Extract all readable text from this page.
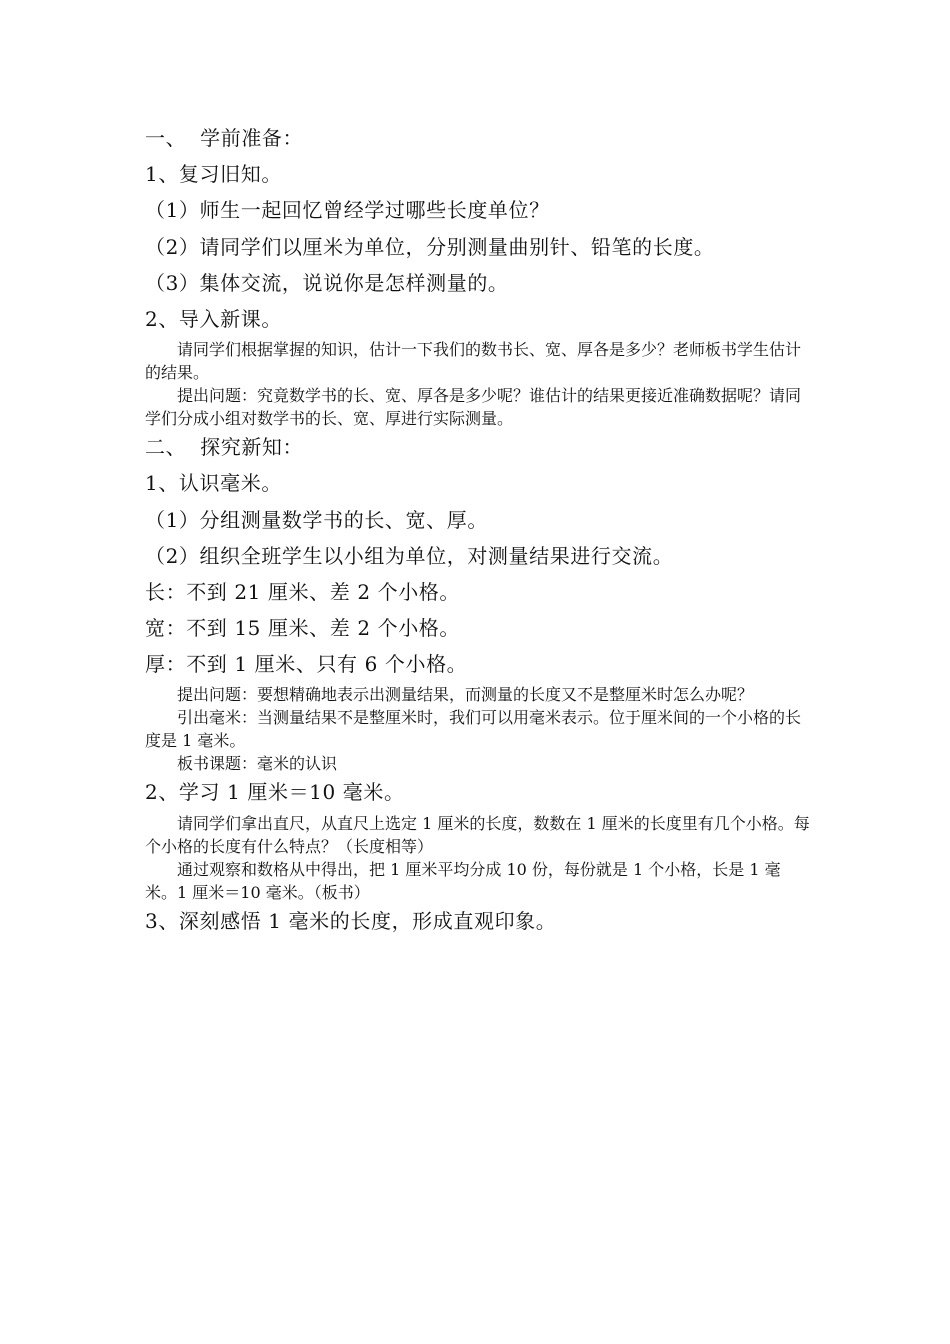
一、  学前准备：
1、复习旧知。
（1）师生一起回忆曾经学过哪些长度单位？
（2）请同学们以厘米为单位，分别测量曲别针、铅笔的长度。
（3）集体交流，说说你是怎样测量的。
2、导入新课。
请同学们根据掌握的知识，估计一下我们的数书长、宽、厚各是多少？老师板书学生估计的结果。
提出问题：究竟数学书的长、宽、厚各是多少呢？谁估计的结果更接近准确数据呢？请同学们分成小组对数学书的长、宽、厚进行实际测量。
二、  探究新知：
1、认识毫米。
（1）分组测量数学书的长、宽、厚。
（2）组织全班学生以小组为单位，对测量结果进行交流。
长：不到 21 厘米、差 2 个小格。
宽：不到 15 厘米、差 2 个小格。
厚：不到 1 厘米、只有 6 个小格。
提出问题：要想精确地表示出测量结果，而测量的长度又不是整厘米时怎么办呢？
引出毫米：当测量结果不是整厘米时，我们可以用毫米表示。位于厘米间的一个小格的长度是 1 毫米。
板书课题：毫米的认识
2、学习 1 厘米＝10 毫米。
请同学们拿出直尺，从直尺上选定 1 厘米的长度，数数在 1 厘米的长度里有几个小格。每个小格的长度有什么特点？（长度相等）
通过观察和数格从中得出，把 1 厘米平均分成 10 份，每份就是 1 个小格，长是 1 毫米。1 厘米＝10 毫米。（板书）
3、深刻感悟 1 毫米的长度，形成直观印象。
